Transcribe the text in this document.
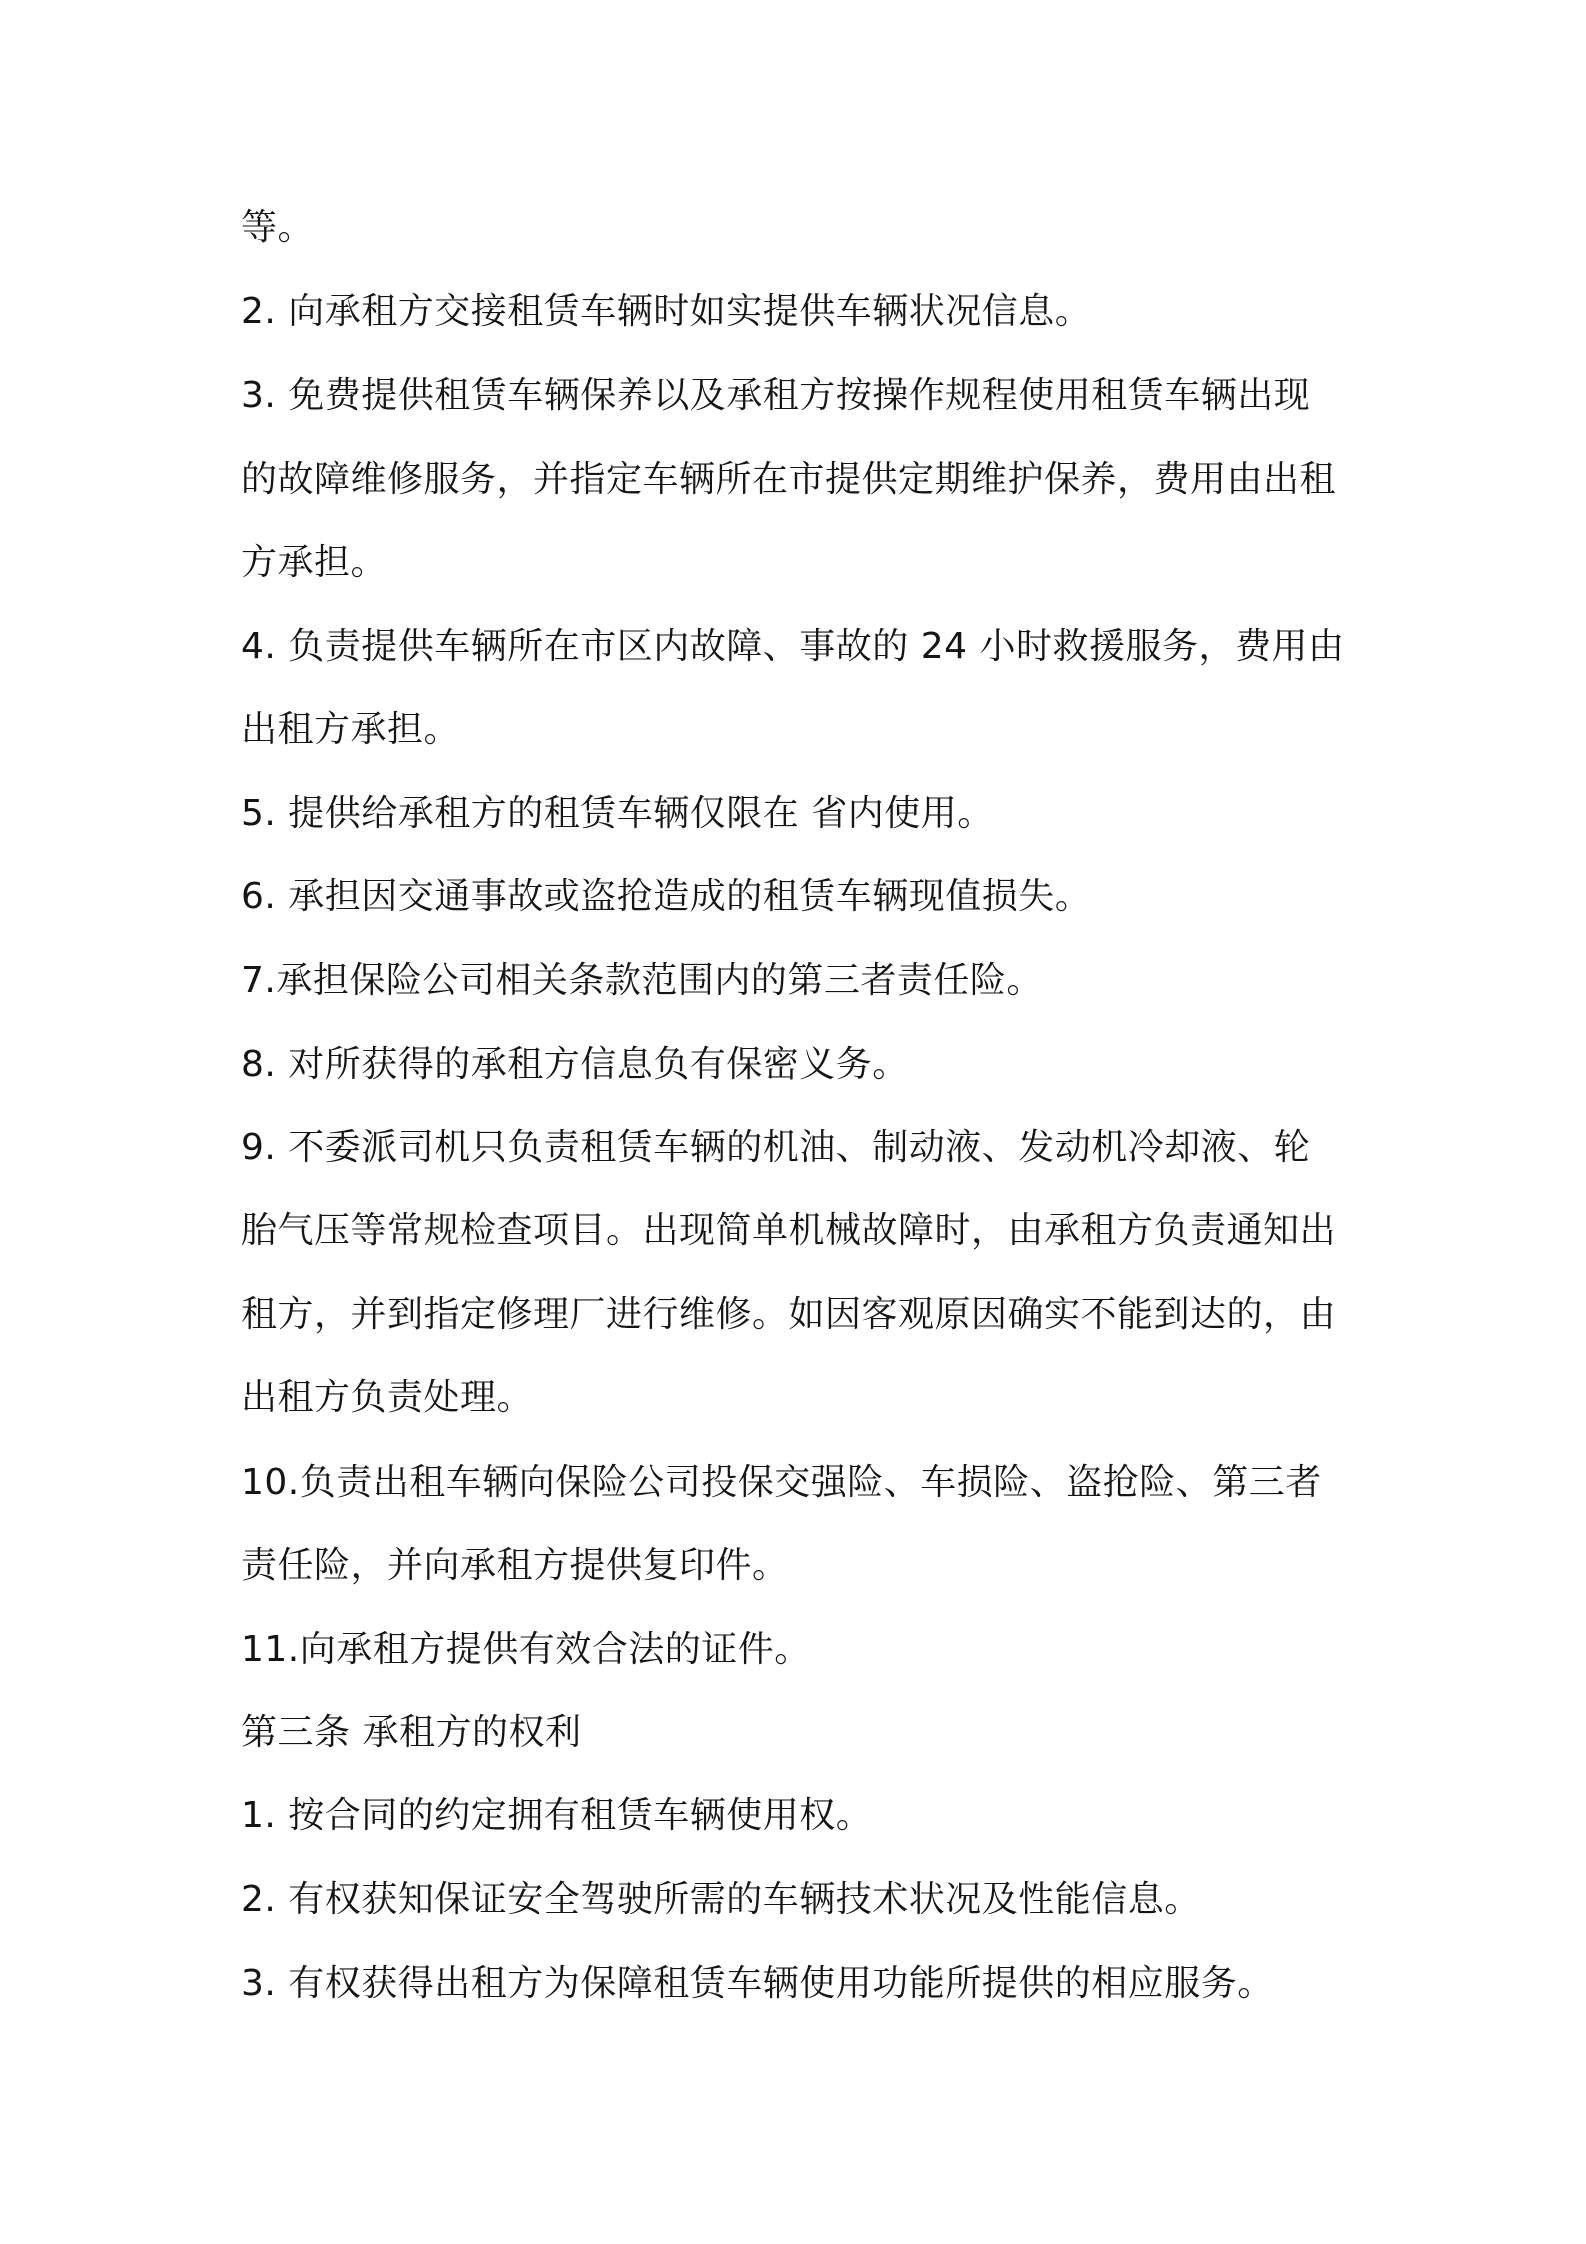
等。
2. 向承租方交接租赁车辆时如实提供车辆状况信息。
3. 免费提供租赁车辆保养以及承租方按操作规程使用租赁车辆出现
的故障维修服务，并指定车辆所在市提供定期维护保养，费用由出租
方承担。
4. 负责提供车辆所在市区内故障、事故的 24 小时救援服务，费用由
出租方承担。
5. 提供给承租方的租赁车辆仅限在 省内使用。
6. 承担因交通事故或盗抢造成的租赁车辆现值损失。
7.承担保险公司相关条款范围内的第三者责任险。
8. 对所获得的承租方信息负有保密义务。
9. 不委派司机只负责租赁车辆的机油、制动液、发动机冷却液、轮
胎气压等常规检查项目。出现简单机械故障时，由承租方负责通知出
租方，并到指定修理厂进行维修。如因客观原因确实不能到达的，由
出租方负责处理。
10.负责出租车辆向保险公司投保交强险、车损险、盗抢险、第三者
责任险，并向承租方提供复印件。
11.向承租方提供有效合法的证件。
第三条 承租方的权利
1. 按合同的约定拥有租赁车辆使用权。
2. 有权获知保证安全驾驶所需的车辆技术状况及性能信息。
3. 有权获得出租方为保障租赁车辆使用功能所提供的相应服务。
